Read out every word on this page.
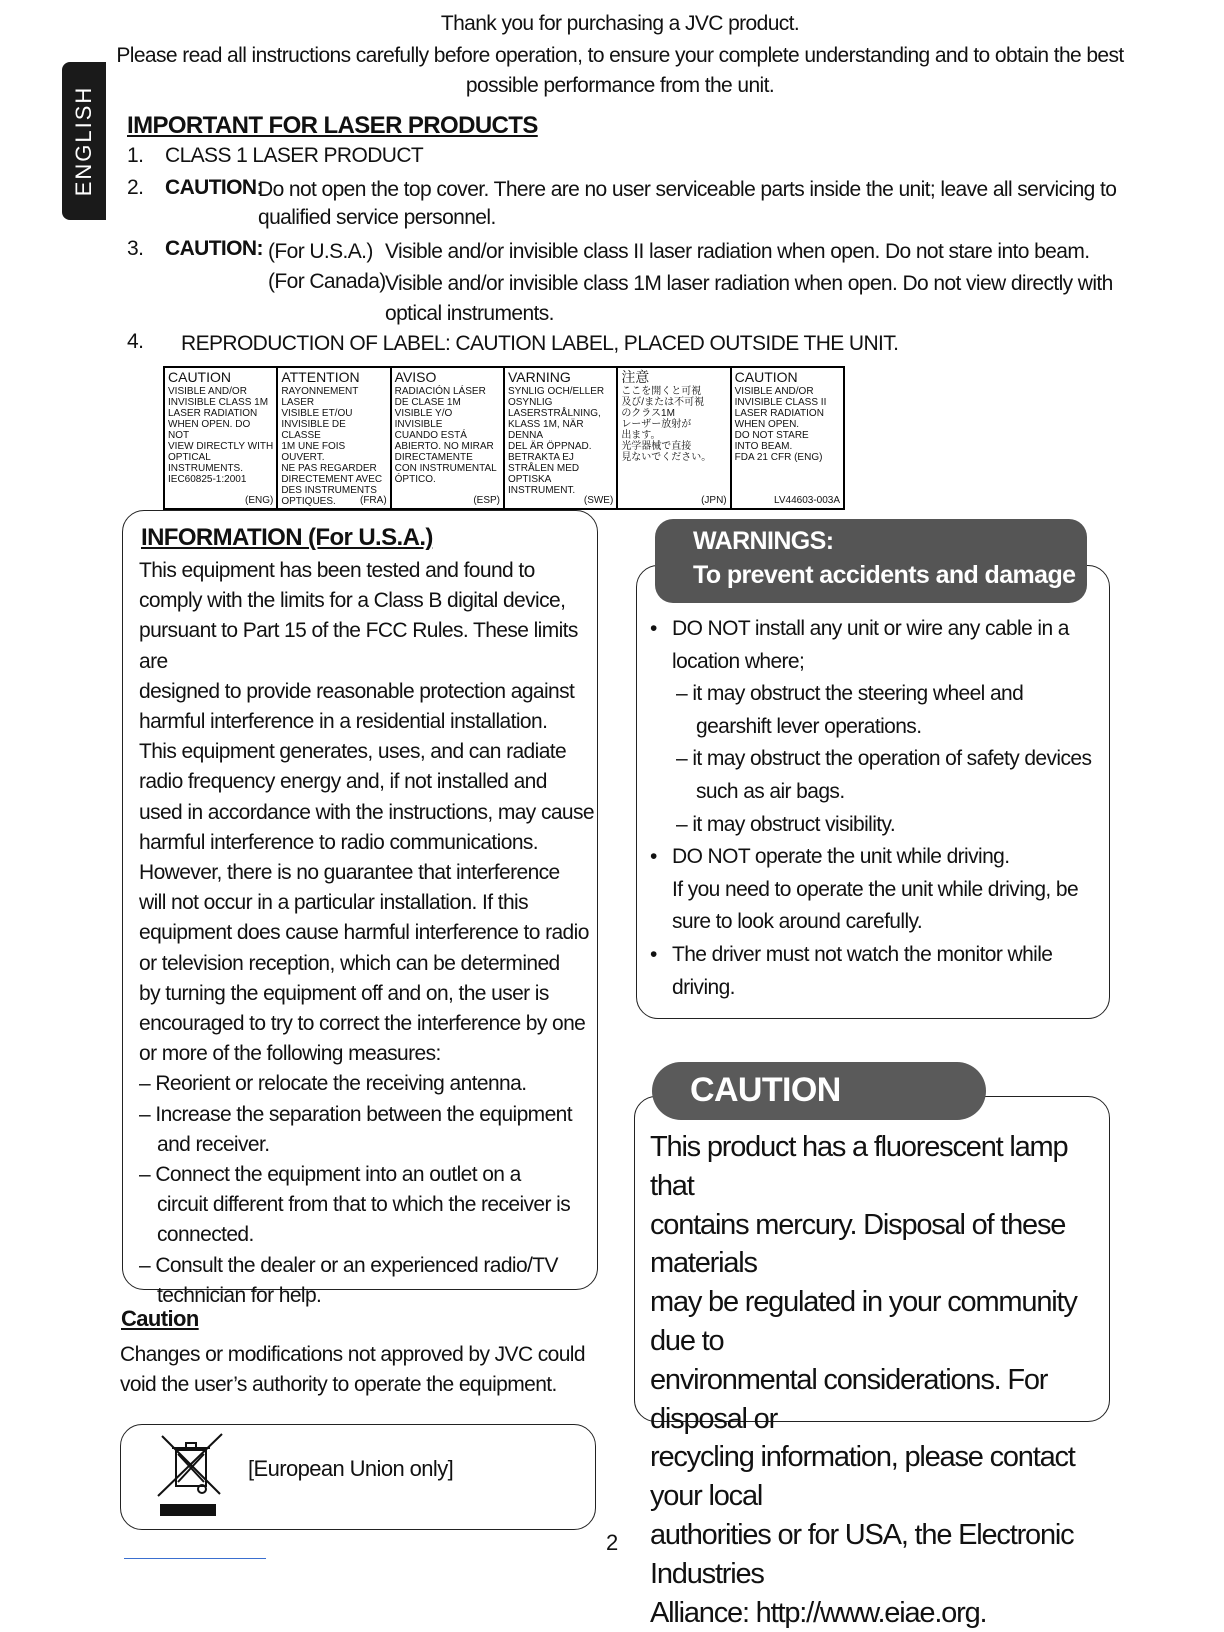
ENGLISH
Thank you for purchasing a JVC product.
Please read all instructions carefully before operation, to ensure your complete understanding and to obtain the best
possible performance from the unit.
IMPORTANT FOR LASER PRODUCTS
1. CLASS 1 LASER PRODUCT
2. CAUTION:
Do not open the top cover. There are no user serviceable parts inside the unit; leave all servicing to
qualified service personnel.
3. CAUTION: (For U.S.A.) Visible and/or invisible class II laser radiation when open. Do not stare into beam.
(For Canada) Visible and/or invisible class 1M laser radiation when open. Do not view directly with
optical instruments.
4. REPRODUCTION OF LABEL: CAUTION LABEL, PLACED OUTSIDE THE UNIT.
CAUTION
VISIBLE AND/OR
INVISIBLE CLASS 1M
LASER RADIATION
WHEN OPEN. DO NOT
VIEW DIRECTLY WITH
OPTICAL INSTRUMENTS.
IEC60825-1:2001
(ENG)

ATTENTION
RAYONNEMENT LASER
VISIBLE ET/OU
INVISIBLE DE CLASSE
1M UNE FOIS OUVERT.
NE PAS REGARDER
DIRECTEMENT AVEC
DES INSTRUMENTS
OPTIQUES.	(FRA)

AVISO
RADIACIÓN LÁSER
DE CLASE 1M
VISIBLE Y/O INVISIBLE
CUANDO ESTÁ
ABIERTO. NO MIRAR
DIRECTAMENTE
CON INSTRUMENTAL
ÓPTICO.
(ESP)

VARNING
SYNLIG OCH/ELLER
OSYNLIG
LASERSTRÅLNING,
KLASS 1M, NÄR DENNA
DEL ÄR ÖPPNAD.
BETRAKTA EJ
STRÅLEN MED OPTISKA
INSTRUMENT.
(SWE)

注意
ここを開くと可視
及び/または不可視
のクラス1M
レーザー放射が
出ます。
光学器械で直接
見ないでください。
(JPN)

CAUTION
VISIBLE AND/OR
INVISIBLE CLASS II
LASER RADIATION
WHEN OPEN.
DO NOT STARE
INTO BEAM.
FDA 21 CFR (ENG)
LV44603-003A
INFORMATION (For U.S.A.)
This equipment has been tested and found to
comply with the limits for a Class B digital device,
pursuant to Part 15 of the FCC Rules. These limits are
designed to provide reasonable protection against
harmful interference in a residential installation.
This equipment generates, uses, and can radiate
radio frequency energy and, if not installed and
used in accordance with the instructions, may cause
harmful interference to radio communications.
However, there is no guarantee that interference
will not occur in a particular installation. If this
equipment does cause harmful interference to radio
or television reception, which can be determined
by turning the equipment off and on, the user is
encouraged to try to correct the interference by one
or more of the following measures:
– Reorient or relocate the receiving antenna.
– Increase the separation between the equipment
and receiver.
– Connect the equipment into an outlet on a
circuit different from that to which the receiver is
connected.
– Consult the dealer or an experienced radio/TV
technician for help.
Caution
Changes or modifications not approved by JVC could
void the user’s authority to operate the equipment.
WARNINGS:
To prevent accidents and damage
• DO NOT install any unit or wire any cable in a
location where;
– it may obstruct the steering wheel and
gearshift lever operations.
– it may obstruct the operation of safety devices
such as air bags.
– it may obstruct visibility.
• DO NOT operate the unit while driving.
If you need to operate the unit while driving, be
sure to look around carefully.
• The driver must not watch the monitor while
driving.
CAUTION
This product has a fluorescent lamp that
contains mercury. Disposal of these materials
may be regulated in your community due to
environmental considerations. For disposal or
recycling information, please contact your local
authorities or for USA, the Electronic Industries
Alliance: http://www.eiae.org.
[European Union only]
2
